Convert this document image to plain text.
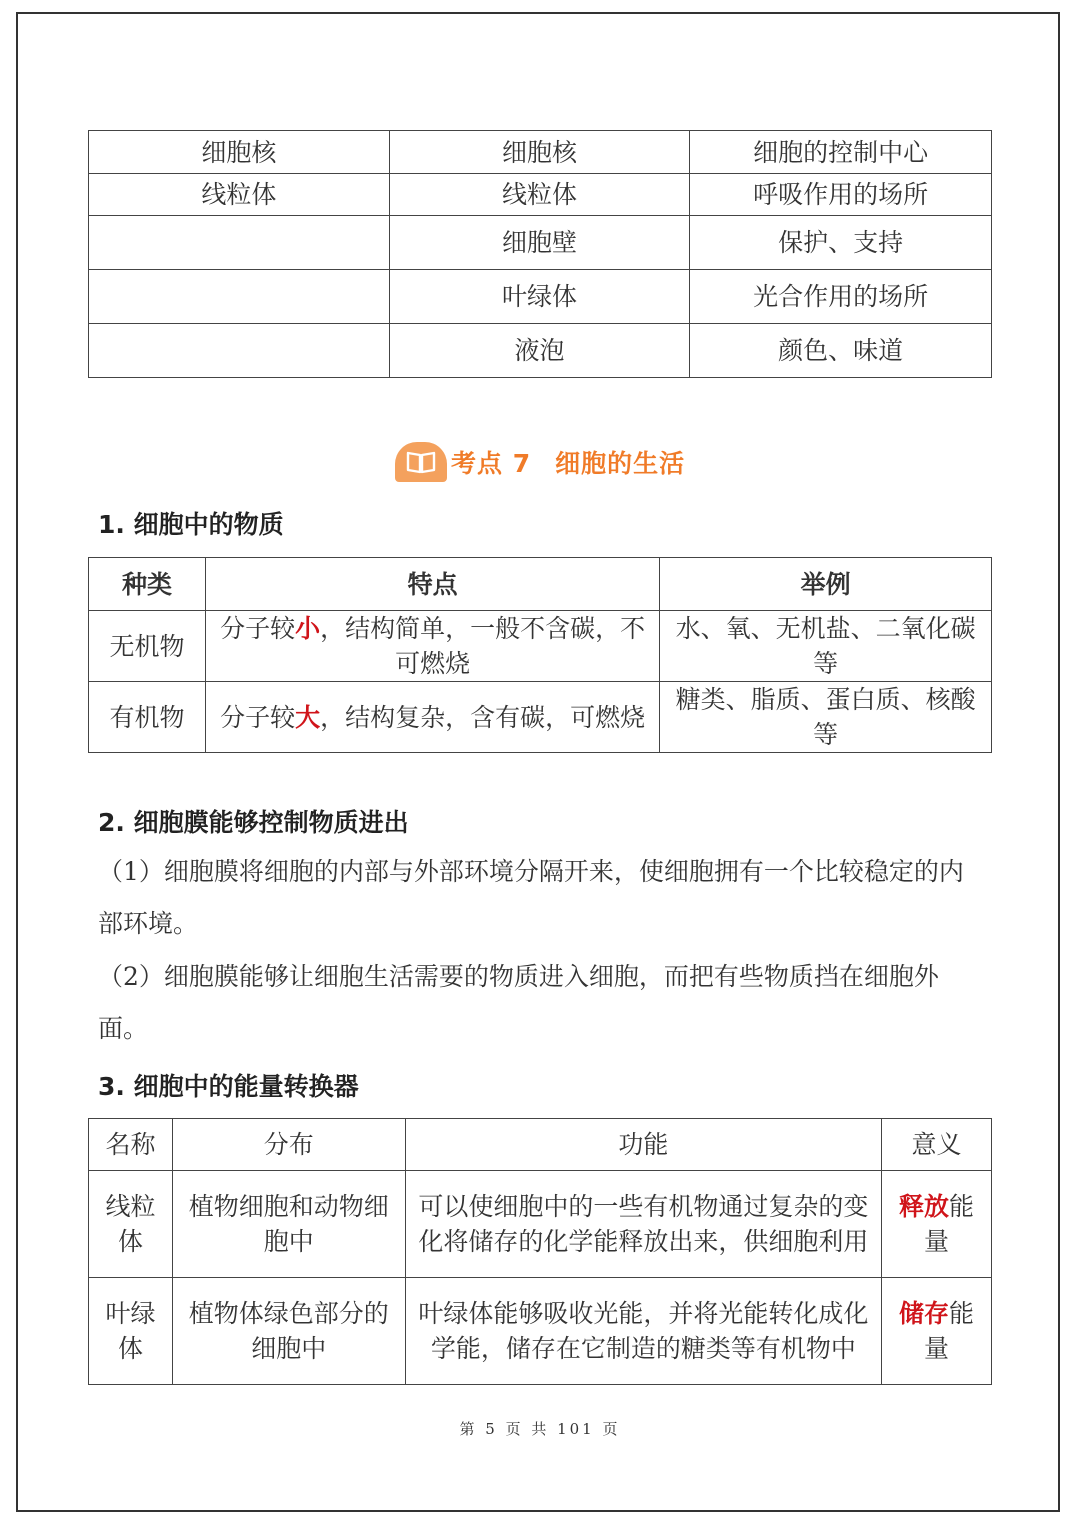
细胞核	细胞核	细胞的控制中心
线粒体	线粒体	呼吸作用的场所
	细胞壁	保护、支持
	叶绿体	光合作用的场所
	液泡	颜色、味道
考点 7 细胞的生活
1. 细胞中的物质
种类	特点	举例
无机物	分子较小，结构简单，一般不含碳，不可燃烧	水、氧、无机盐、二氧化碳等
有机物	分子较大，结构复杂，含有碳，可燃烧	糖类、脂质、蛋白质、核酸等
2. 细胞膜能够控制物质进出
（1）细胞膜将细胞的内部与外部环境分隔开来，使细胞拥有一个比较稳定的内部环境。
（2）细胞膜能够让细胞生活需要的物质进入细胞，而把有些物质挡在细胞外面。
3. 细胞中的能量转换器
名称	分布	功能	意义
线粒体	植物细胞和动物细胞中	可以使细胞中的一些有机物通过复杂的变化将储存的化学能释放出来，供细胞利用	释放能量
叶绿体	植物体绿色部分的细胞中	叶绿体能够吸收光能，并将光能转化成化学能，储存在它制造的糖类等有机物中	储存能量
第 5 页 共 101 页
